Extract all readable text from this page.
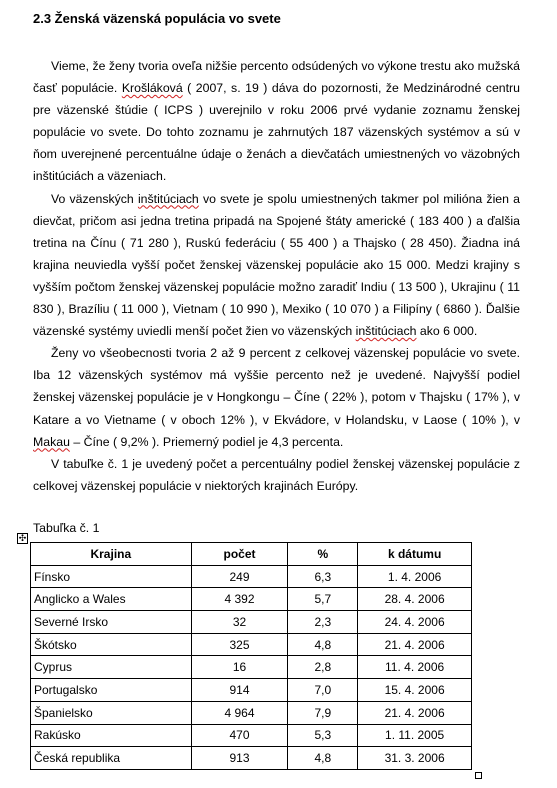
2.3 Ženská väzenská populácia vo svete

Vieme, že ženy tvoria oveľa nižšie percento odsúdených vo výkone trestu ako mužská časť populácie. Krošláková ( 2007, s. 19 ) dáva do pozornosti, že Medzinárodné centru pre väzenské štúdie ( ICPS ) uverejnilo v roku 2006 prvé vydanie zoznamu ženskej populácie vo svete. Do tohto zoznamu je zahrnutých 187 väzenských systémov a sú v ňom uverejnené percentuálne údaje o ženách a dievčatách umiestnených vo väzobných inštitúciách a väzeniach.

Vo väzenských inštitúciach vo svete je spolu umiestnených takmer pol milióna žien a dievčat, pričom asi jedna tretina pripadá na Spojené štáty americké ( 183 400 ) a ďalšia tretina na Čínu ( 71 280 ), Ruskú federáciu ( 55 400 ) a Thajsko ( 28 450). Žiadna iná krajina neuviedla vyšší počet ženskej väzenskej populácie ako 15 000. Medzi krajiny s vyšším počtom ženskej väzenskej populácie možno zaradiť Indiu ( 13 500 ), Ukrajinu ( 11 830 ), Brazíliu ( 11 000 ), Vietnam ( 10 990 ), Mexiko ( 10 070 ) a Filipíny ( 6860 ). Ďalšie väzenské systémy uviedli menší počet žien vo väzenských inštitúciach ako 6 000.

Ženy vo všeobecnosti tvoria 2 až 9 percent z celkovej väzenskej populácie vo svete. Iba 12 väzenských systémov má vyššie percento než je uvedené. Najvyšší podiel ženskej väzenskej populácie je v Hongkongu – Číne ( 22% ), potom v Thajsku ( 17% ), v Katare a vo Vietname ( v oboch 12% ), v Ekvádore, v Holandsku, v Laose ( 10% ), v Makau – Číne ( 9,2% ). Priemerný podiel je 4,3 percenta.

V tabuľke č. 1 je uvedený počet a percentuálny podiel ženskej väzenskej populácie z celkovej väzenskej populácie v niektorých krajinách Európy.

Tabuľka č. 1
✣
Krajina	počet	%	k dátumu
Fínsko	249	6,3	1. 4. 2006
Anglicko a Wales	4 392	5,7	28. 4. 2006
Severné Irsko	32	2,3	24. 4. 2006
Škótsko	325	4,8	21. 4. 2006
Cyprus	16	2,8	11. 4. 2006
Portugalsko	914	7,0	15. 4. 2006
Španielsko	4 964	7,9	21. 4. 2006
Rakúsko	470	5,3	1. 11. 2005
Česká republika	913	4,8	31. 3. 2006
